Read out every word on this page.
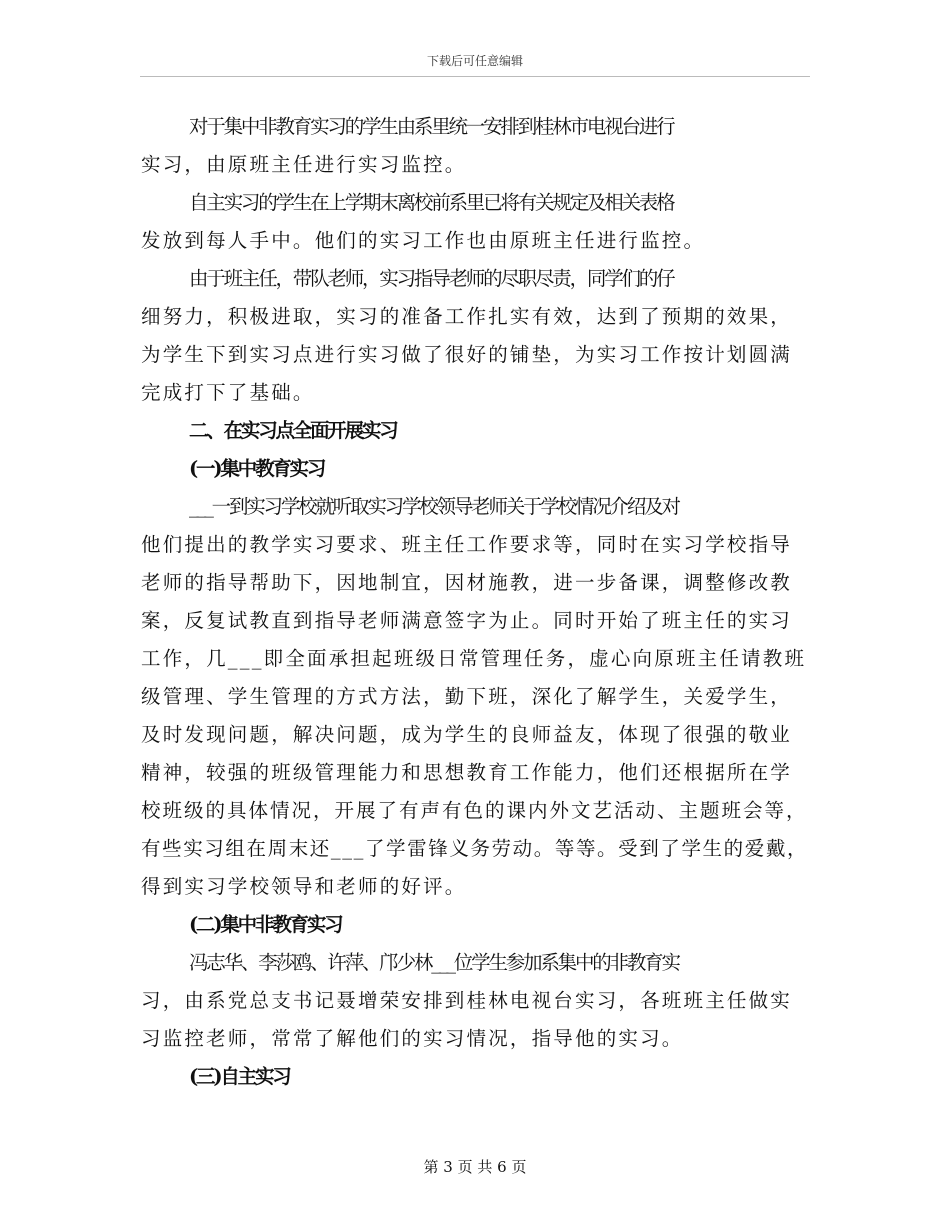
下载后可任意编辑
对于集中非教育实习的学生由系里统一安排到桂林市电视台进行
实习，由原班主任进行实习监控。
自主实习的学生在上学期末离校前系里已将有关规定及相关表格
发放到每人手中。他们的实习工作也由原班主任进行监控。
由于班主任，带队老师，实习指导老师的尽职尽责，同学们的仔
细努力，积极进取，实习的准备工作扎实有效，达到了预期的效果，
为学生下到实习点进行实习做了很好的铺垫，为实习工作按计划圆满
完成打下了基础。
二、在实习点全面开展实习
(一)集中教育实习
___一到实习学校就听取实习学校领导老师关于学校情况介绍及对
他们提出的教学实习要求、班主任工作要求等，同时在实习学校指导
老师的指导帮助下，因地制宜，因材施教，进一步备课，调整修改教
案，反复试教直到指导老师满意签字为止。同时开始了班主任的实习
工作，几___即全面承担起班级日常管理任务，虚心向原班主任请教班
级管理、学生管理的方式方法，勤下班，深化了解学生，关爱学生，
及时发现问题，解决问题，成为学生的良师益友，体现了很强的敬业
精神，较强的班级管理能力和思想教育工作能力，他们还根据所在学
校班级的具体情况，开展了有声有色的课内外文艺活动、主题班会等，
有些实习组在周末还___了学雷锋义务劳动。等等。受到了学生的爱戴，
得到实习学校领导和老师的好评。
(二)集中非教育实习
冯志华、李莎鸥、许萍、邝少林___位学生参加系集中的非教育实
习，由系党总支书记聂增荣安排到桂林电视台实习，各班班主任做实
习监控老师，常常了解他们的实习情况，指导他的实习。
(三)自主实习
第 3 页 共 6 页
